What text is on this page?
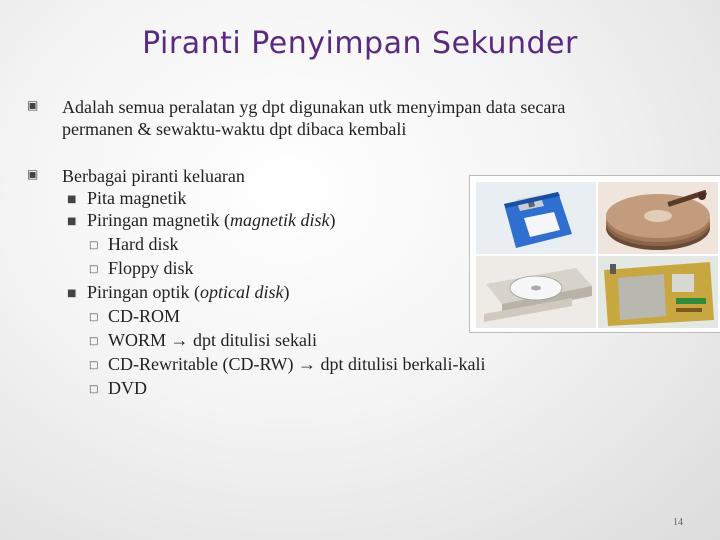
Piranti Penyimpan Sekunder
▣ Adalah semua peralatan yg dpt digunakan utk menyimpan data secara
permanen & sewaktu-waktu dpt dibaca kembali
▣ Berbagai piranti keluaran
■ Pita magnetik
■ Piringan magnetik (magnetik disk)
□ Hard disk
□ Floppy disk
■ Piringan optik (optical disk)
□ CD-ROM
□ WORM → dpt ditulisi sekali
□ CD-Rewritable (CD-RW) → dpt ditulisi berkali-kali
□ DVD
14
